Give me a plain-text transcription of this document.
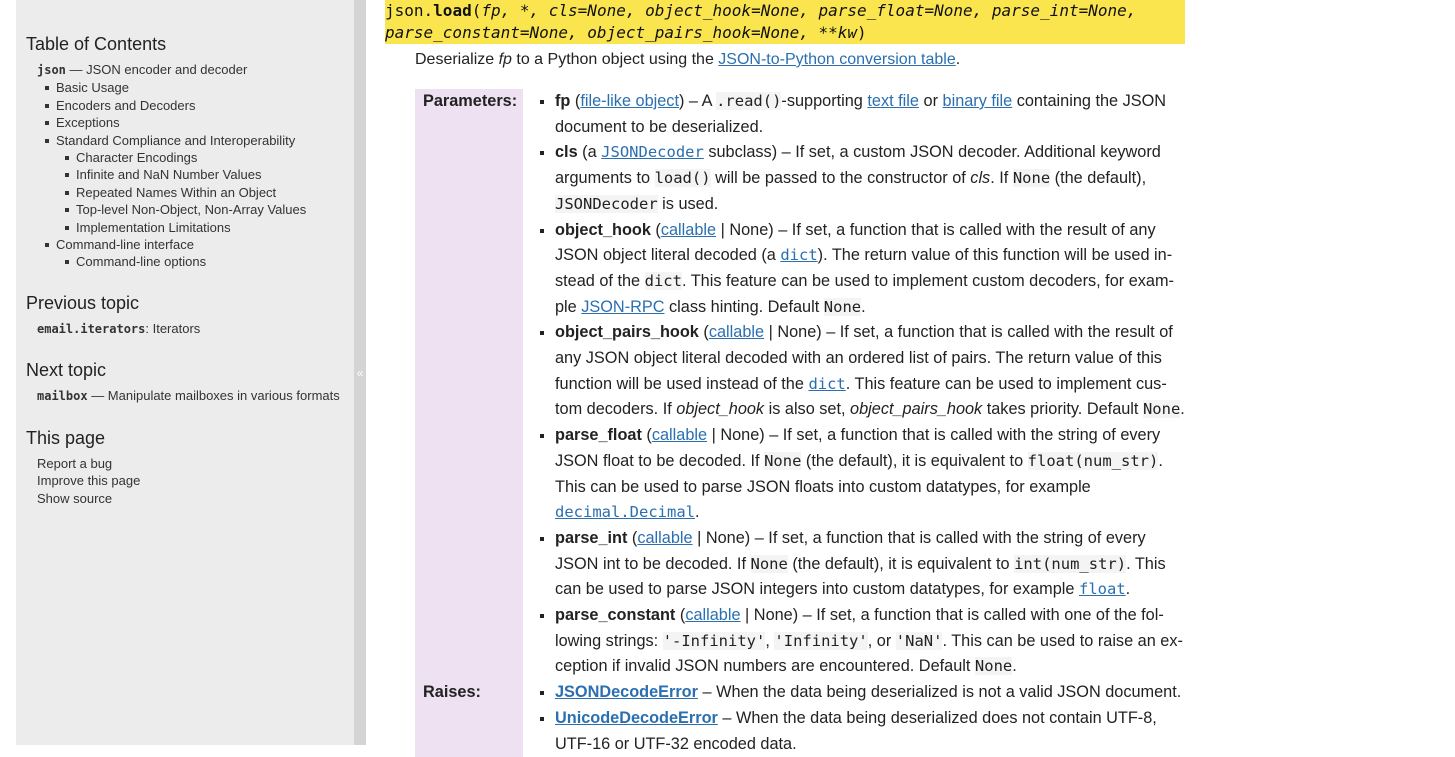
Table of Contents
json — JSON encoder and decoder
Basic Usage
Encoders and Decoders
Exceptions
Standard Compliance and Interoperability
Character Encodings
Infinite and NaN Number Values
Repeated Names Within an Object
Top-level Non-Object, Non-Array Values
Implementation Limitations
Command-line interface
Command-line options
Previous topic
email.iterators: Iterators
Next topic
mailbox — Manipulate mailboxes in various formats
This page
Report a bug
Improve this page
Show source
«
json.load(fp, *, cls=None, object_hook=None, parse_float=None, parse_int=None,
parse_constant=None, object_pairs_hook=None, **kw)
Deserialize fp to a Python object using the JSON-to-Python conversion table.
Parameters:	fp (file-like object) – A .read()-supporting text file or binary file containing the JSON document to be deserialized.
cls (a JSONDecoder subclass) – If set, a custom JSON decoder. Additional keyword arguments to load() will be passed to the constructor of cls. If None (the default), JSONDecoder is used.
object_hook (callable | None) – If set, a function that is called with the result of any JSON object literal decoded (a dict). The return value of this function will be used instead of the dict. This feature can be used to implement custom decoders, for example JSON-RPC class hinting. Default None.
object_pairs_hook (callable | None) – If set, a function that is called with the result of any JSON object literal decoded with an ordered list of pairs. The return value of this function will be used instead of the dict. This feature can be used to implement custom decoders. If object_hook is also set, object_pairs_hook takes priority. Default None.
parse_float (callable | None) – If set, a function that is called with the string of every JSON float to be decoded. If None (the default), it is equivalent to float(num_str). This can be used to parse JSON floats into custom datatypes, for example decimal.Decimal.
parse_int (callable | None) – If set, a function that is called with the string of every JSON int to be decoded. If None (the default), it is equivalent to int(num_str). This can be used to parse JSON integers into custom datatypes, for example float.
parse_constant (callable | None) – If set, a function that is called with one of the following strings: '-Infinity', 'Infinity', or 'NaN'. This can be used to raise an exception if invalid JSON numbers are encountered. Default None.
Raises:	JSONDecodeError – When the data being deserialized is not a valid JSON document.
UnicodeDecodeError – When the data being deserialized does not contain UTF-8, UTF-16 or UTF-32 encoded data.
